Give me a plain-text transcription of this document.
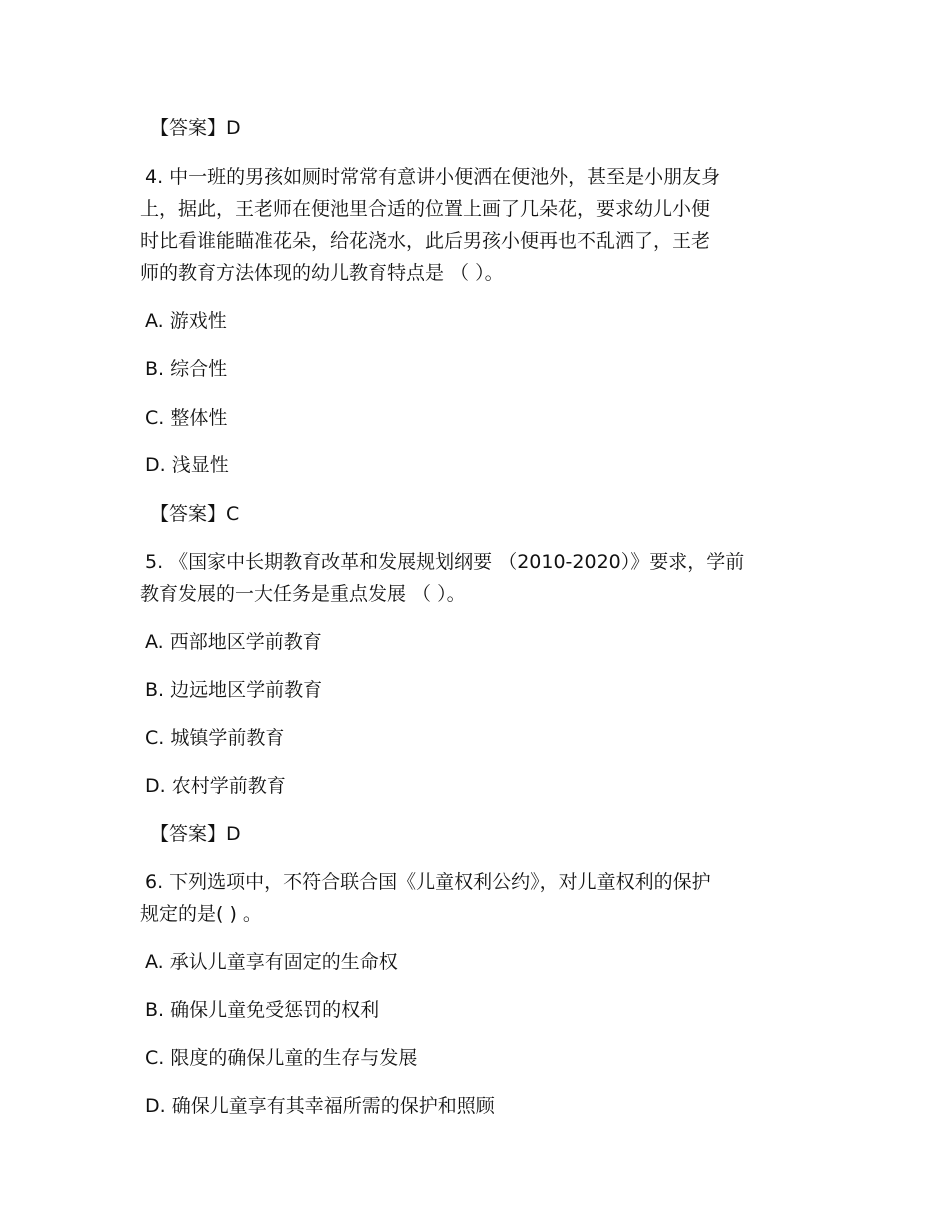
【答案】D
4. 中一班的男孩如厕时常常有意讲小便洒在便池外，甚至是小朋友身
上，据此，王老师在便池里合适的位置上画了几朵花，要求幼儿小便
时比看谁能瞄准花朵，给花浇水，此后男孩小便再也不乱洒了，王老
师的教育方法体现的幼儿教育特点是 （ ）。
A. 游戏性
B. 综合性
C. 整体性
D. 浅显性
【答案】C
5. 《国家中长期教育改革和发展规划纲要 （2010-2020）》要求，学前
教育发展的一大任务是重点发展 （ ）。
A. 西部地区学前教育
B. 边远地区学前教育
C. 城镇学前教育
D. 农村学前教育
【答案】D
6. 下列选项中，不符合联合国《儿童权利公约》，对儿童权利的保护
规定的是( ) 。
A. 承认儿童享有固定的生命权
B. 确保儿童免受惩罚的权利
C. 限度的确保儿童的生存与发展
D. 确保儿童享有其幸福所需的保护和照顾
